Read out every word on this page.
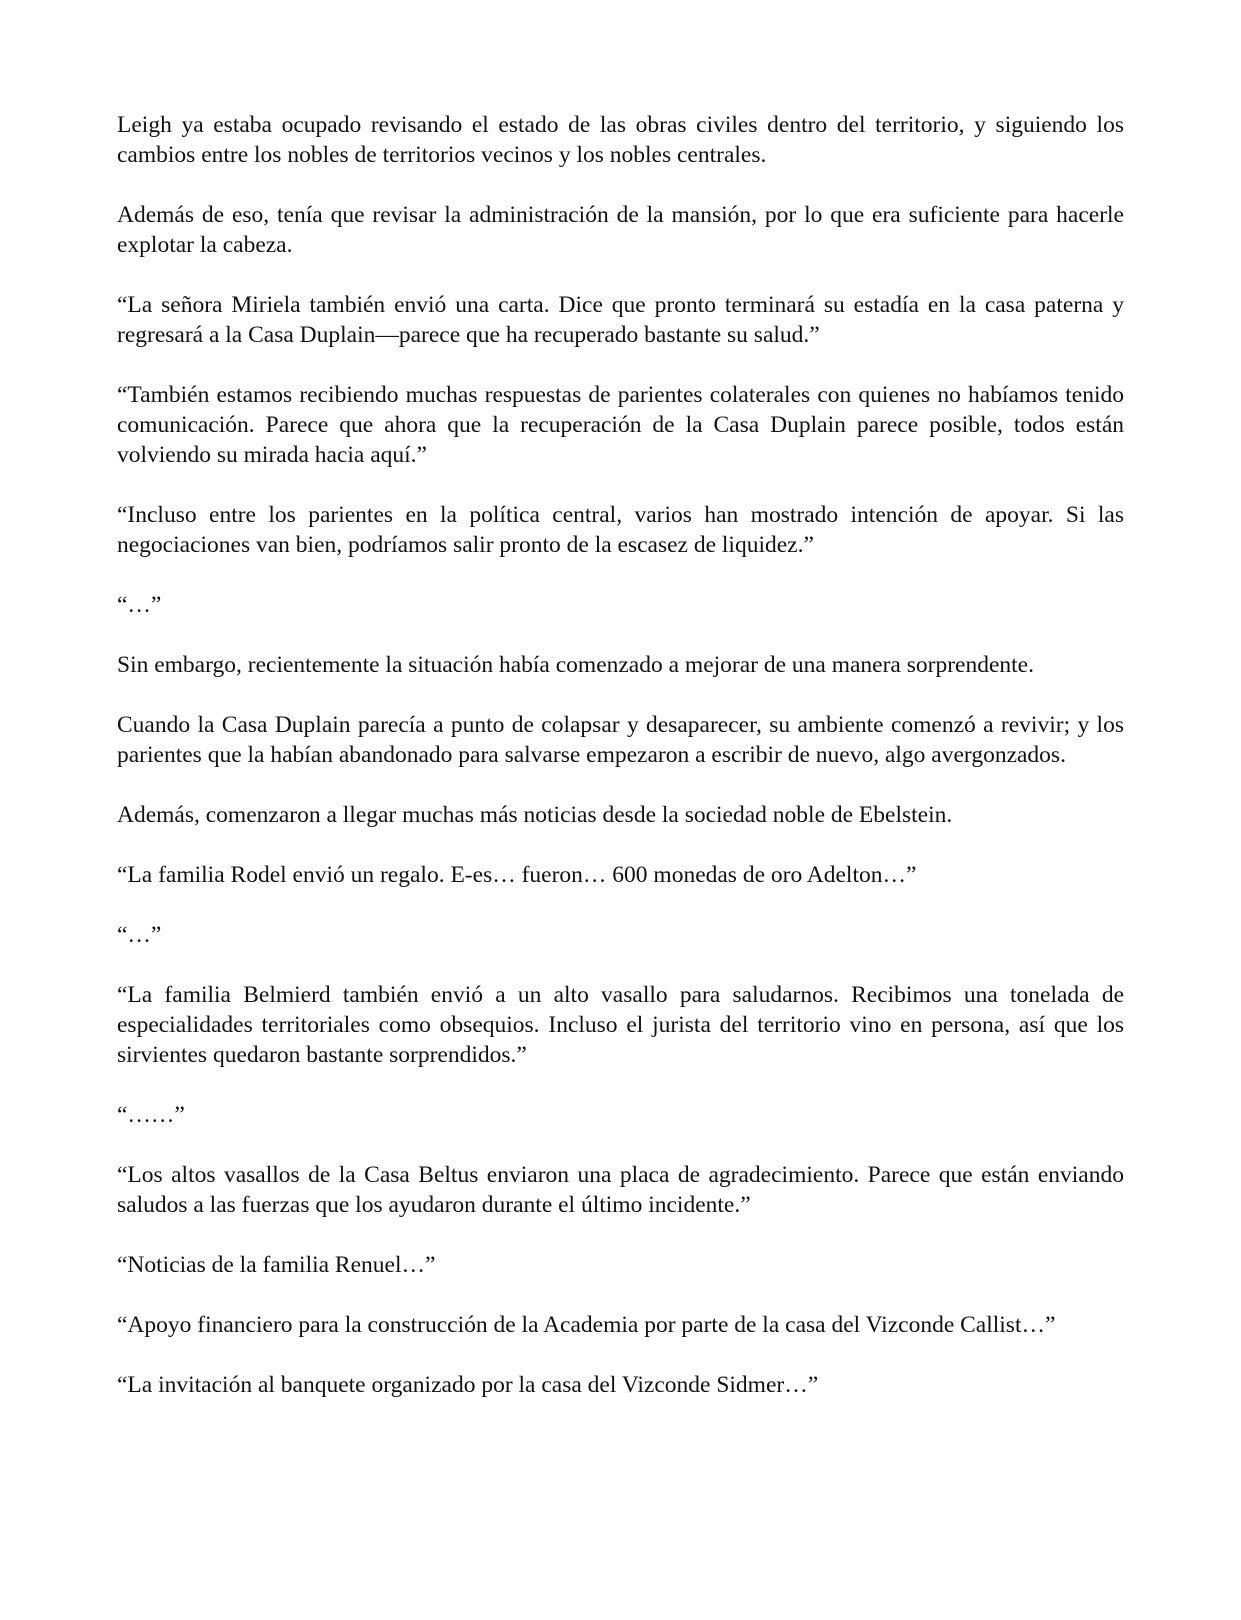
Leigh ya estaba ocupado revisando el estado de las obras civiles dentro del territorio, y siguiendo los cambios entre los nobles de territorios vecinos y los nobles centrales.

Además de eso, tenía que revisar la administración de la mansión, por lo que era suficiente para hacerle explotar la cabeza.

“La señora Miriela también envió una carta. Dice que pronto terminará su estadía en la casa paterna y regresará a la Casa Duplain—parece que ha recuperado bastante su salud.”

“También estamos recibiendo muchas respuestas de parientes colaterales con quienes no habíamos tenido comunicación. Parece que ahora que la recuperación de la Casa Duplain parece posible, todos están volviendo su mirada hacia aquí.”

“Incluso entre los parientes en la política central, varios han mostrado intención de apoyar. Si las negociaciones van bien, podríamos salir pronto de la escasez de liquidez.”

“…”

Sin embargo, recientemente la situación había comenzado a mejorar de una manera sorprendente.

Cuando la Casa Duplain parecía a punto de colapsar y desaparecer, su ambiente comenzó a revivir; y los parientes que la habían abandonado para salvarse empezaron a escribir de nuevo, algo avergonzados.

Además, comenzaron a llegar muchas más noticias desde la sociedad noble de Ebelstein.

“La familia Rodel envió un regalo. E-es… fueron… 600 monedas de oro Adelton…”

“…”

“La familia Belmierd también envió a un alto vasallo para saludarnos. Recibimos una tonelada de especialidades territoriales como obsequios. Incluso el jurista del territorio vino en persona, así que los sirvientes quedaron bastante sorprendidos.”

“……”

“Los altos vasallos de la Casa Beltus enviaron una placa de agradecimiento. Parece que están enviando saludos a las fuerzas que los ayudaron durante el último incidente.”

“Noticias de la familia Renuel…”

“Apoyo financiero para la construcción de la Academia por parte de la casa del Vizconde Callist…”

“La invitación al banquete organizado por la casa del Vizconde Sidmer…”
